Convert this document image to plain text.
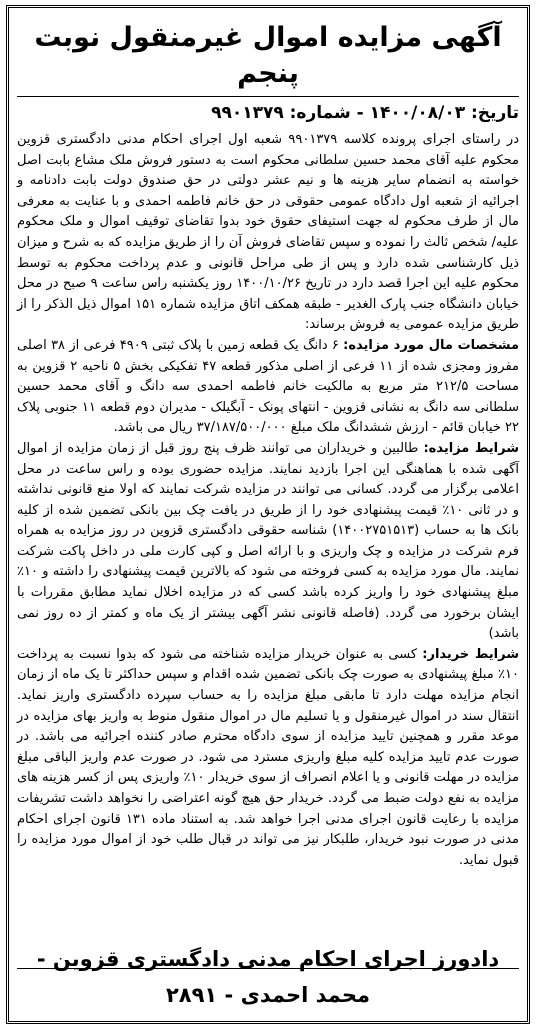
آگهی مزایده اموال غیرمنقول نوبت پنجم
تاریخ: ۱۴۰۰/۰۸/۰۳ - شماره: ۹۹۰۱۳۷۹

در راستای اجرای پرونده کلاسه ۹۹۰۱۳۷۹ شعبه اول اجرای احکام مدنی دادگستری قزوین محکوم علیه آقای محمد حسین سلطانی محکوم است به دستور فروش ملک مشاع بابت اصل خواسته به انضمام سایر هزینه ها و نیم عشر دولتی در حق صندوق دولت بابت دادنامه و اجرائیه از شعبه اول دادگاه عمومی حقوقی در حق خانم فاطمه احمدی و با عنایت به معرفی مال از طرف محکوم له جهت استیفای حقوق خود بدوا تقاضای توقیف اموال و ملک محکوم علیه/ شخص ثالث را نموده و سپس تقاضای فروش آن را از طریق مزایده که به شرح و میزان ذیل کارشناسی شده دارد و پس از طی مراحل قانونی و عدم پرداخت محکوم به توسط محکوم علیه این اجرا قصد دارد در تاریخ ۱۴۰۰/۱۰/۲۶ روز یکشنبه راس ساعت ۹ صبح در محل خیابان دانشگاه جنب پارک الغدیر - طبقه همکف اتاق مزایده شماره ۱۵۱ اموال ذیل الذکر را از طریق مزایده عمومی به فروش برساند:

مشخصات مال مورد مزایده: ۶ دانگ یک قطعه زمین با پلاک ثبتی ۴۹۰۹ فرعی از ۳۸ اصلی مفروز ومجزی شده از ۱۱ فرعی از اصلی مذکور قطعه ۴۷ تفکیکی بخش ۵ ناحیه ۲ قزوین به مساحت ۲۱۲/۵ متر مربع به مالکیت خانم فاطمه احمدی سه دانگ و آقای محمد حسین سلطانی سه دانگ به نشانی قزوین - انتهای پونک - آبگیلک - مدیران دوم قطعه ۱۱ جنوبی پلاک ۲۲ خیابان قائم - ارزش ششدانگ ملک مبلغ ۳۷/۱۸۷/۵۰۰/۰۰۰ ریال می باشد.

شرایط مزایده: طالبین و خریداران می توانند ظرف پنج روز قبل از زمان مزایده از اموال آگهی شده با هماهنگی این اجرا بازدید نمایند. مزایده حضوری بوده و راس ساعت در محل اعلامی برگزار می گردد. کسانی می توانند در مزایده شرکت نمایند که اولا منع قانونی نداشته و در ثانی ۱۰٪ قیمت پیشنهادی خود را از طریق در یافت چک بین بانکی تضمین شده از کلیه بانک ها به حساب (۱۴۰۰۲۷۵۱۵۱۳) شناسه حقوقی دادگستری قزوین در روز مزایده به همراه فرم شرکت در مزایده و چک واریزی و با ارائه اصل و کپی کارت ملی در داخل پاکت شرکت نمایند. مال مورد مزایده به کسی فروخته می شود که بالاترین قیمت پیشنهادی را داشته و ۱۰٪ مبلغ پیشنهادی خود را واریز کرده باشد کسی که در مزایده اخلال نماید مطابق مقررات با ایشان برخورد می گردد. (فاصله قانونی نشر آگهی بیشتر از یک ماه و کمتر از ده روز نمی باشد)

شرایط خریدار: کسی به عنوان خریدار مزایده شناخته می شود که بدوا نسبت به پرداخت ۱۰٪ مبلغ پیشنهادی به صورت چک بانکی تضمین شده اقدام و سپس حداکثر تا یک ماه از زمان انجام مزایده مهلت دارد تا مابقی مبلغ مزایده را به حساب سپرده دادگستری واریز نماید. انتقال سند در اموال غیرمنقول و یا تسلیم مال در اموال منقول منوط به واریز بهای مزایده در موعد مقرر و همچنین تایید مزایده از سوی دادگاه محترم صادر کننده اجرائیه می باشد. در صورت عدم تایید مزایده کلیه مبلغ واریزی مسترد می شود. در صورت عدم واریز الباقی مبلغ مزایده در مهلت قانونی و یا اعلام انصراف از سوی خریدار ۱۰٪ واریزی پس از کسر هزینه های مزایده به نفع دولت ضبط می گردد. خریدار حق هیچ گونه اعتراضی را نخواهد داشت تشریفات مزایده با رعایت قانون اجرای مدنی اجرا خواهد شد. به استناد ماده ۱۳۱ قانون اجرای احکام مدنی در صورت نبود خریدار، طلبکار نیز می تواند در قبال طلب خود از اموال مورد مزایده را قبول نماید.

دادورز اجرای احکام مدنی دادگستری قزوین - محمد احمدی - ۲۸۹۱
